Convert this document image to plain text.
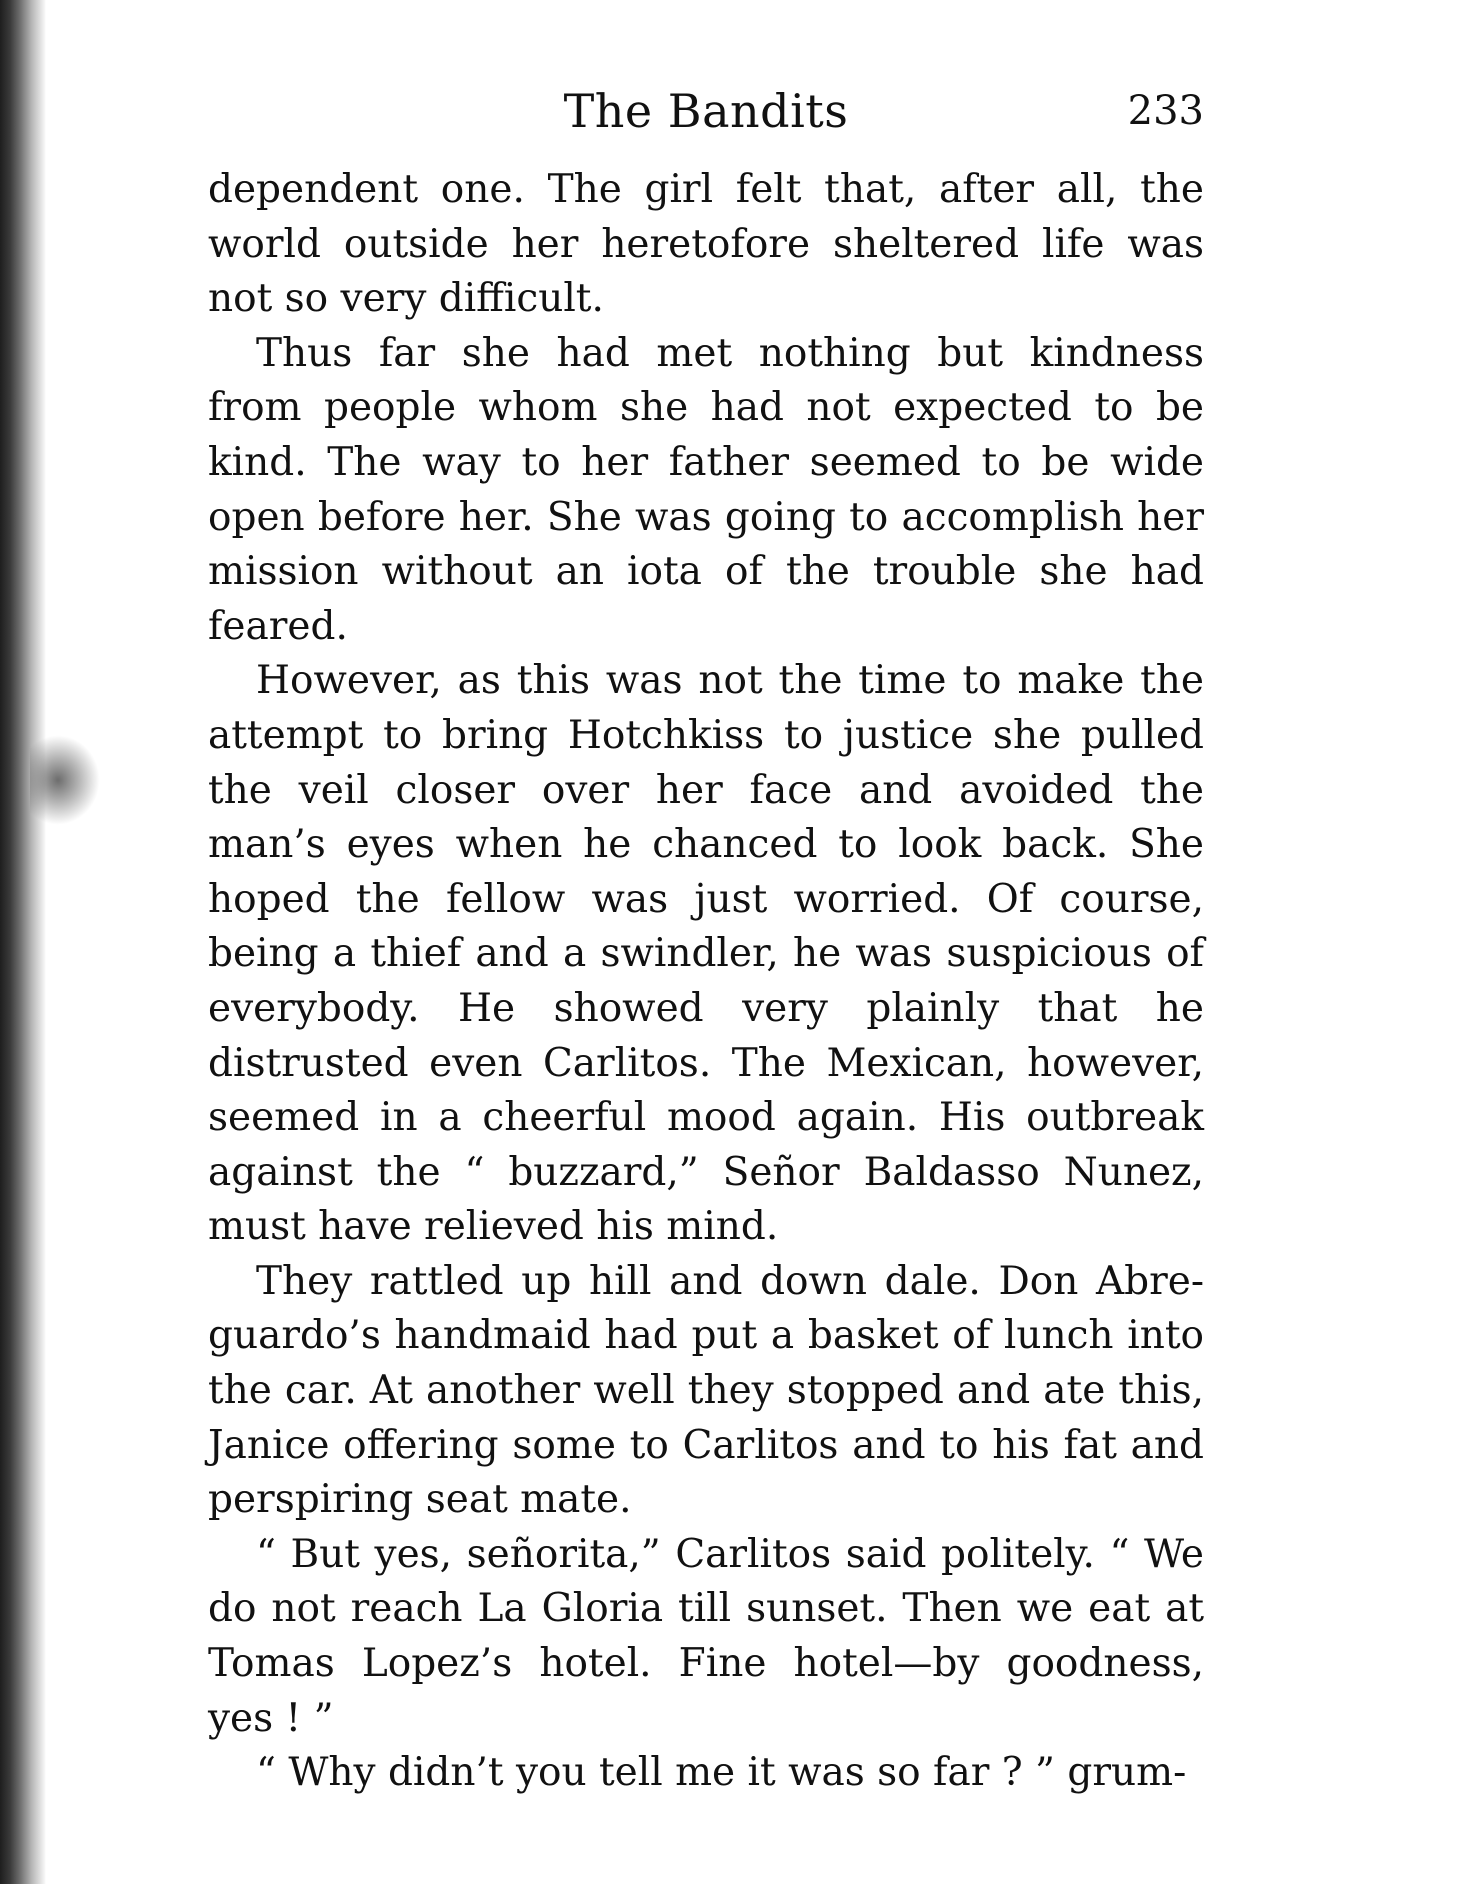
The Bandits	233

dependent one. The girl felt that, after all, the world outside her heretofore sheltered life was not so very difficult.

Thus far she had met nothing but kindness from people whom she had not expected to be kind. The way to her father seemed to be wide open before her. She was going to accomplish her mission without an iota of the trouble she had feared.

However, as this was not the time to make the attempt to bring Hotchkiss to justice she pulled the veil closer over her face and avoided the man’s eyes when he chanced to look back. She hoped the fellow was just worried. Of course, being a thief and a swindler, he was suspicious of everybody. He showed very plainly that he distrusted even Carlitos. The Mexican, however, seemed in a cheerful mood again. His outbreak against the “ buzzard,” Señor Baldasso Nunez, must have relieved his mind.

They rattled up hill and down dale. Don Abreguardo’s handmaid had put a basket of lunch into the car. At another well they stopped and ate this, Janice offering some to Carlitos and to his fat and perspiring seat mate.

“ But yes, señorita,” Carlitos said politely. “ We do not reach La Gloria till sunset. Then we eat at Tomas Lopez’s hotel. Fine hotel—by goodness, yes ! ”

“ Why didn’t you tell me it was so far ? ” grum-
